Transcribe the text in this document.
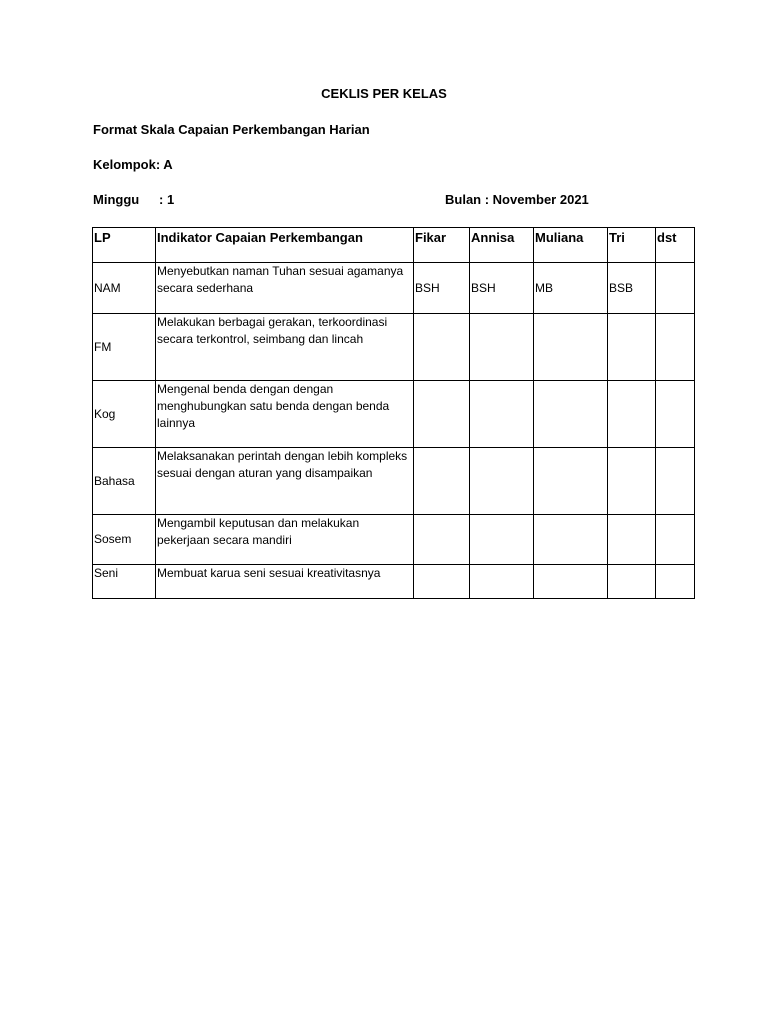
CEKLIS PER KELAS
Format Skala Capaian Perkembangan Harian
Kelompok: A
Minggu : 1	Bulan : November 2021
LP	Indikator Capaian Perkembangan	Fikar	Annisa	Muliana	Tri	dst
NAM	Menyebutkan naman Tuhan sesuai agamanya secara sederhana	BSH	BSH	MB	BSB	
FM	Melakukan berbagai gerakan, terkoordinasi secara terkontrol, seimbang dan lincah					
Kog	Mengenal benda dengan dengan menghubungkan satu benda dengan benda lainnya					
Bahasa	Melaksanakan perintah dengan lebih kompleks sesuai dengan aturan yang disampaikan					
Sosem	Mengambil keputusan dan melakukan pekerjaan secara mandiri					
Seni	Membuat karua seni sesuai kreativitasnya					
